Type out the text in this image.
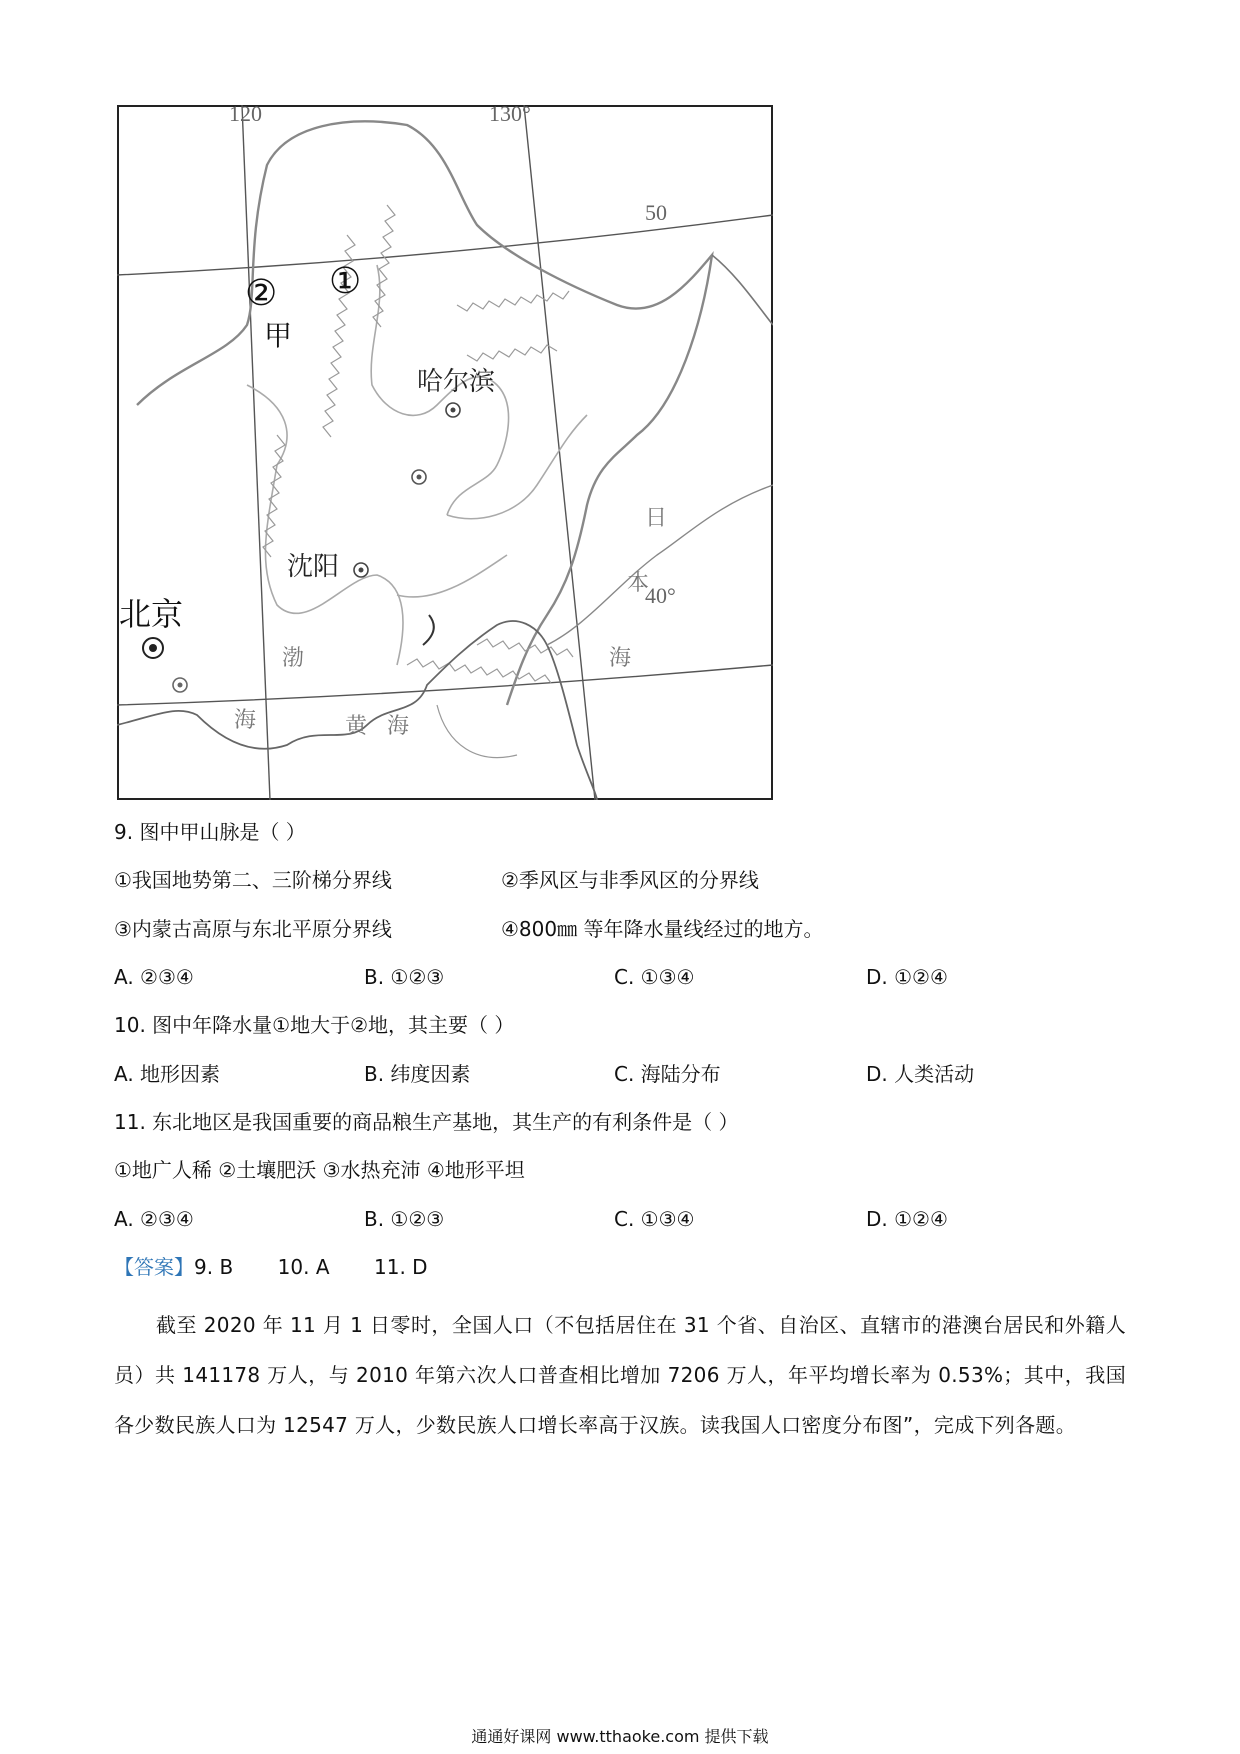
120	130°
50
40°
② ①
甲
哈尔滨
沈阳
北京
渤
海	黄 海
海
日
本
9. 图中甲山脉是（ ）
①我国地势第二、三阶梯分界线	②季风区与非季风区的分界线
③内蒙古高原与东北平原分界线	④800㎜ 等年降水量线经过的地方。
A. ②③④	B. ①②③	C. ①③④	D. ①②④
10. 图中年降水量①地大于②地，其主要（ ）
A. 地形因素	B. 纬度因素	C. 海陆分布	D. 人类活动
11. 东北地区是我国重要的商品粮生产基地，其生产的有利条件是（ ）
①地广人稀 ②土壤肥沃 ③水热充沛 ④地形平坦
A. ②③④	B. ①②③	C. ①③④	D. ①②④
【答案】9. B       10. A       11. D

截至 2020 年 11 月 1 日零时，全国人口（不包括居住在 31 个省、自治区、直辖市的港澳台居民和外籍人员）共 141178 万人，与 2010 年第六次人口普查相比增加 7206 万人，年平均增长率为 0.53%；其中，我国各少数民族人口为 12547 万人，少数民族人口增长率高于汉族。读我国人口密度分布图”，完成下列各题。

通通好课网 www.tthaoke.com 提供下载
